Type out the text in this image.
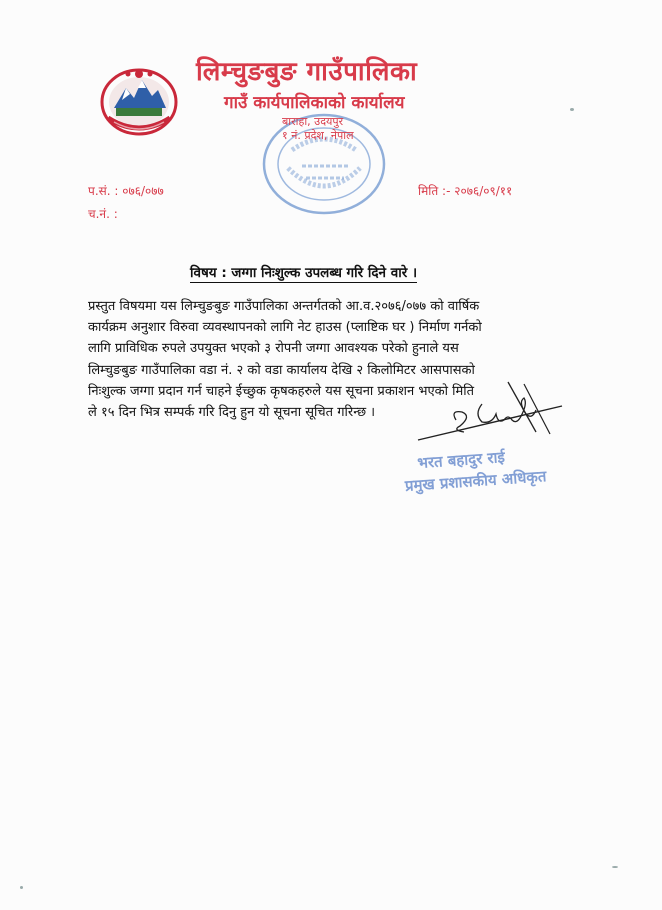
लिम्चुङबुङ गाउँपालिका
गाउँ कार्यपालिकाको कार्यालय
बाराहा, उदयपुर
१ नं. प्रदेश, नेपाल
प.सं. : ०७६/०७७
च.नं. :
मिति :- २०७६/०९/११
विषय : जग्गा निःशुल्क उपलब्ध गरि दिने वारे ।
प्रस्तुत विषयमा यस लिम्चुङबुङ गाउँपालिका अन्तर्गतको आ.व.२०७६/०७७ को वार्षिक
कार्यक्रम अनुशार विरुवा व्यवस्थापनको लागि नेट हाउस (प्लाष्टिक घर ) निर्माण गर्नको
लागि प्राविधिक रुपले उपयुक्त भएको ३ रोपनी जग्गा आवश्यक परेको हुनाले यस
लिम्चुङबुङ गाउँपालिका वडा नं. २ को वडा कार्यालय देखि २ किलोमिटर आसपासको
निःशुल्क जग्गा प्रदान गर्न चाहने ईच्छुक कृषकहरुले यस सूचना प्रकाशन भएको मिति
ले १५ दिन भित्र सम्पर्क गरि दिनु हुन यो सूचना सूचित गरिन्छ ।
भरत बहादुर राई
प्रमुख प्रशासकीय अधिकृत
